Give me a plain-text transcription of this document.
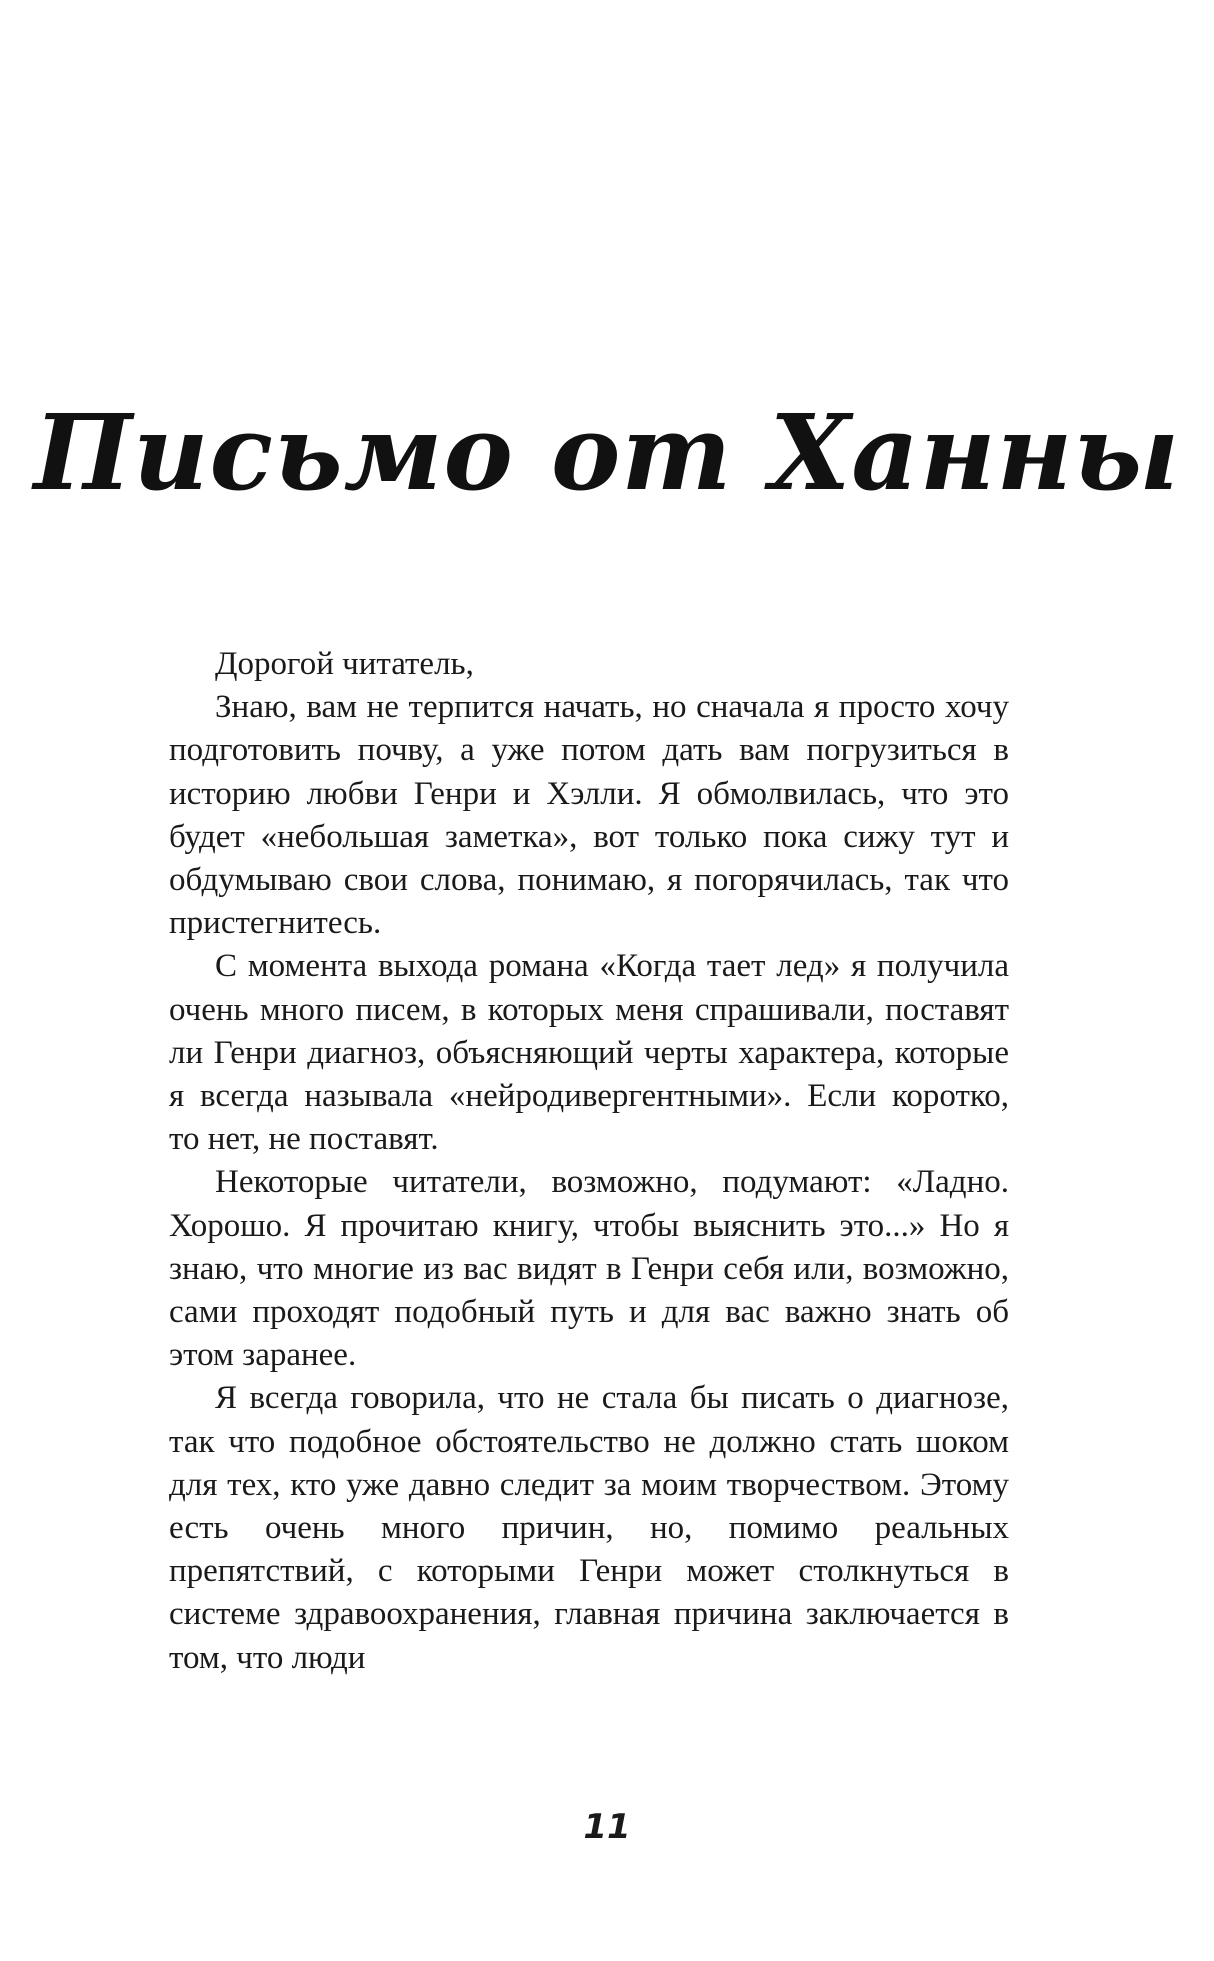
Письмо от Ханны

Дорогой читатель,

Знаю, вам не терпится начать, но сначала я просто хочу подготовить почву, а уже потом дать вам погрузиться в историю любви Генри и Хэлли. Я обмолвилась, что это будет «небольшая заметка», вот только пока сижу тут и обдумываю свои слова, понимаю, я погорячилась, так что пристегнитесь.

С момента выхода романа «Когда тает лед» я получила очень много писем, в которых меня спрашивали, поставят ли Генри диагноз, объясняющий черты характера, которые я всегда называла «нейродивергентными». Если коротко, то нет, не поставят.

Некоторые читатели, возможно, подумают: «Ладно. Хорошо. Я прочитаю книгу, чтобы выяснить это...» Но я знаю, что многие из вас видят в Генри себя или, возможно, сами проходят подобный путь и для вас важно знать об этом заранее.

Я всегда говорила, что не стала бы писать о диагнозе, так что подобное обстоятельство не должно стать шоком для тех, кто уже давно следит за моим творчеством. Этому есть очень много причин, но, помимо реальных препятствий, с которыми Генри может столкнуться в системе здравоохранения, главная причина заключается в том, что люди

11
